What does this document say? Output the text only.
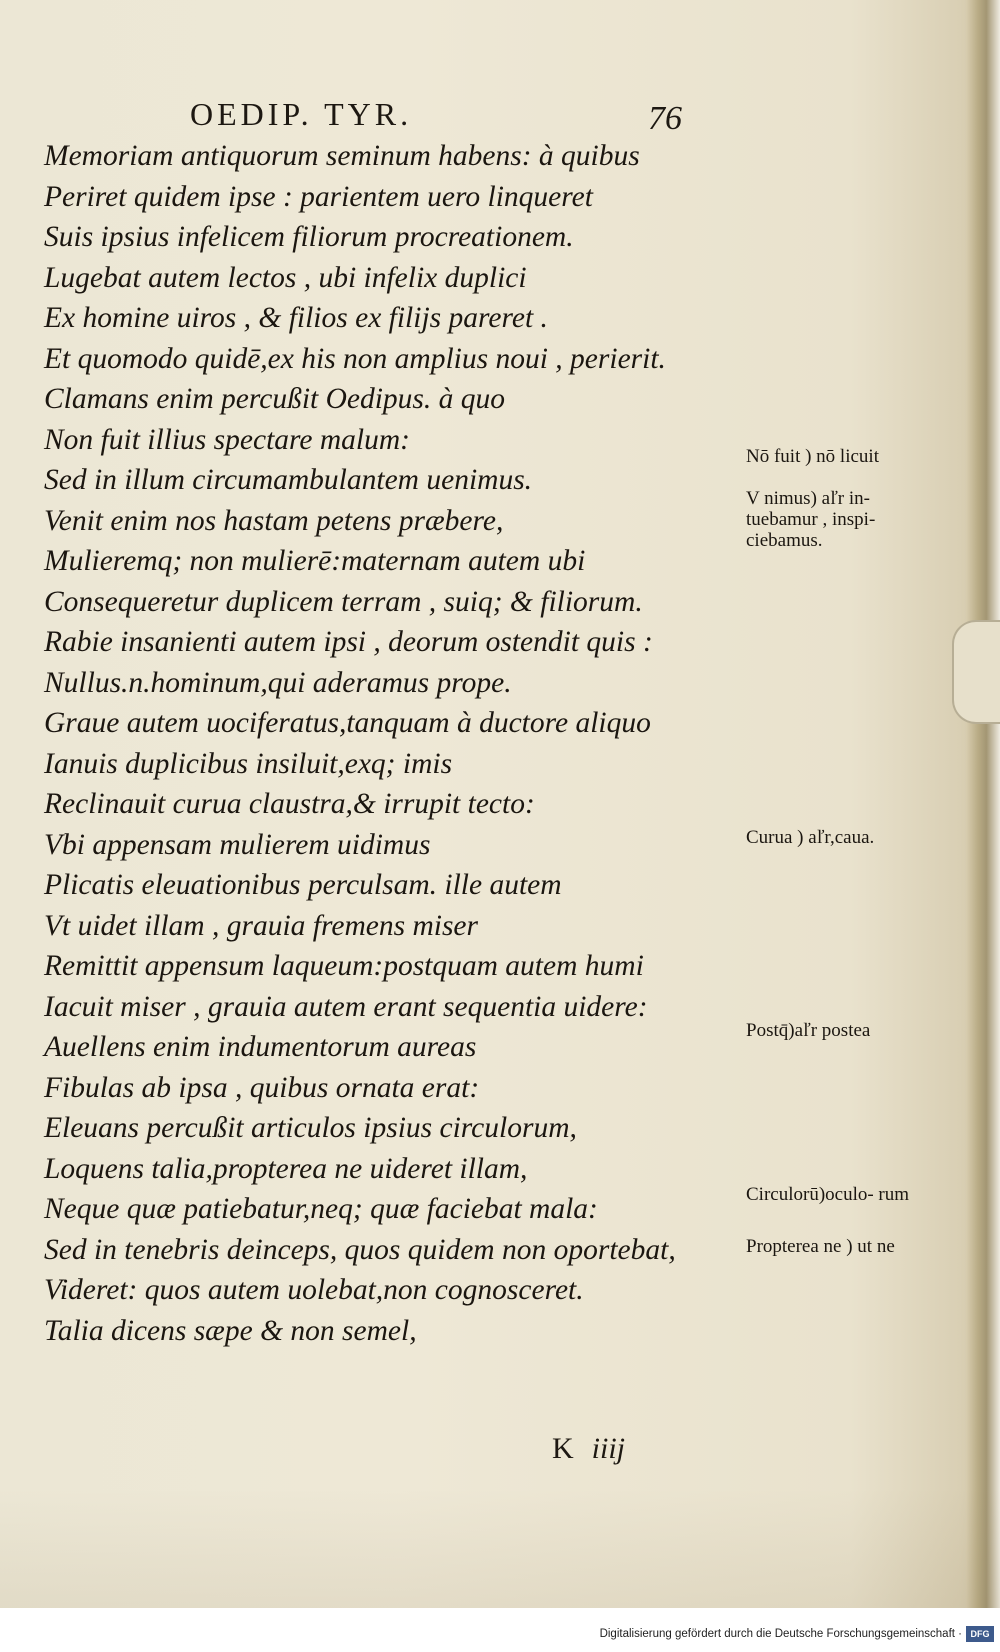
OEDIP. TYR.	76
Memoriam antiquorum seminum habens: à quibus
Periret quidem ipse : parientem uero linqueret
Suis ipsius infelicem filiorum procreationem.
Lugebat autem lectos , ubi infelix duplici
Ex homine uiros , & filios ex filijs pareret .
Et quomodo quidē,ex his non amplius noui , perierit.
Clamans enim percußit Oedipus. à quo
Non fuit illius spectare malum:
Sed in illum circumambulantem uenimus.
Venit enim nos hastam petens præbere,
Mulieremq; non mulierē:maternam autem ubi
Consequeretur duplicem terram , suiq; & filiorum.
Rabie insanienti autem ipsi , deorum ostendit quis :
Nullus.n.hominum,qui aderamus prope.
Graue autem uociferatus,tanquam à ductore aliquo
Ianuis duplicibus insiluit,exq; imis
Reclinauit curua claustra,& irrupit tecto:
Vbi appensam mulierem uidimus
Plicatis eleuationibus perculsam. ille autem
Vt uidet illam , grauia fremens miser
Remittit appensum laqueum:postquam autem humi
Iacuit miser , grauia autem erant sequentia uidere:
Auellens enim indumentorum aureas
Fibulas ab ipsa , quibus ornata erat:
Eleuans percußit articulos ipsius circulorum,
Loquens talia,propterea ne uideret illam,
Neque quæ patiebatur,neq; quæ faciebat mala:
Sed in tenebris deinceps, quos quidem non oportebat,
Videret: quos autem uolebat,non cognosceret.
Talia dicens sæpe & non semel,
Nō fuit ) nō licuit
V nimus) aľr in- tuebamur , inspi- ciebamus.
Curua ) aľr,caua.
Postq̄)aľr postea
Circulorū)oculo- rum
Propterea ne ) ut ne
K iiij
Digitalisierung gefördert durch die Deutsche Forschungsgemeinschaft · DFG
